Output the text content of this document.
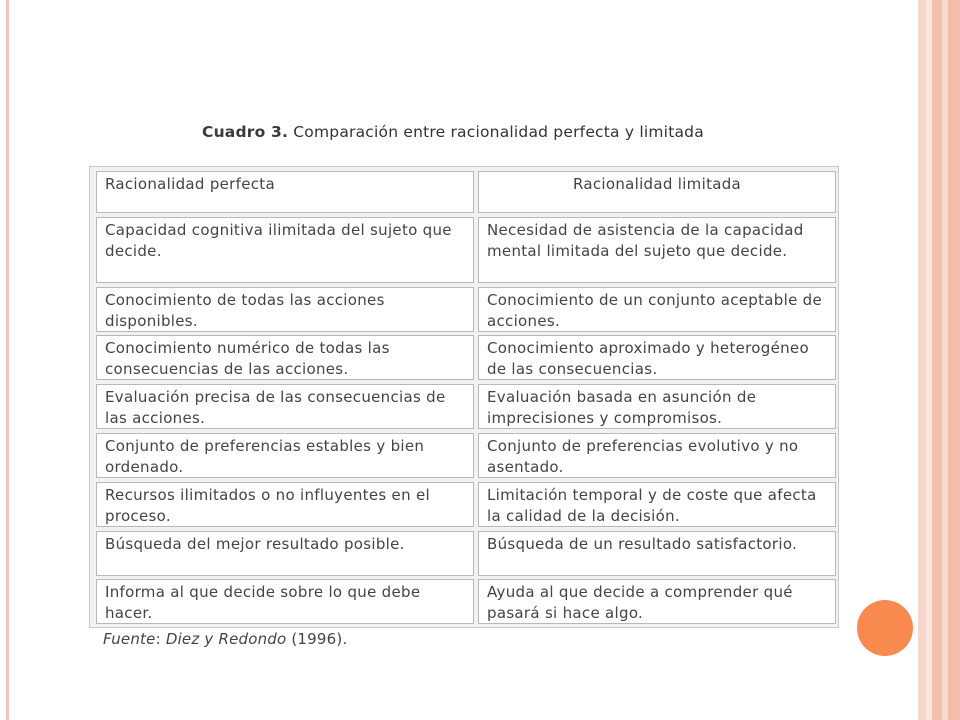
Cuadro 3. Comparación entre racionalidad perfecta y limitada
Racionalidad perfecta	Racionalidad limitada
Capacidad cognitiva ilimitada del sujeto que decide.
Necesidad de asistencia de la capacidad mental limitada del sujeto que decide.
Conocimiento de todas las acciones disponibles.
Conocimiento de un conjunto aceptable de acciones.
Conocimiento numérico de todas las consecuencias de las acciones.
Conocimiento aproximado y heterogéneo de las consecuencias.
Evaluación precisa de las consecuencias de las acciones.
Evaluación basada en asunción de imprecisiones y compromisos.
Conjunto de preferencias estables y bien ordenado.
Conjunto de preferencias evolutivo y no asentado.
Recursos ilimitados o no influyentes en el proceso.
Limitación temporal y de coste que afecta la calidad de la decisión.
Búsqueda del mejor resultado posible.	Búsqueda de un resultado satisfactorio.
Informa al que decide sobre lo que debe hacer.
Ayuda al que decide a comprender qué pasará si hace algo.
Fuente: Diez y Redondo (1996).
